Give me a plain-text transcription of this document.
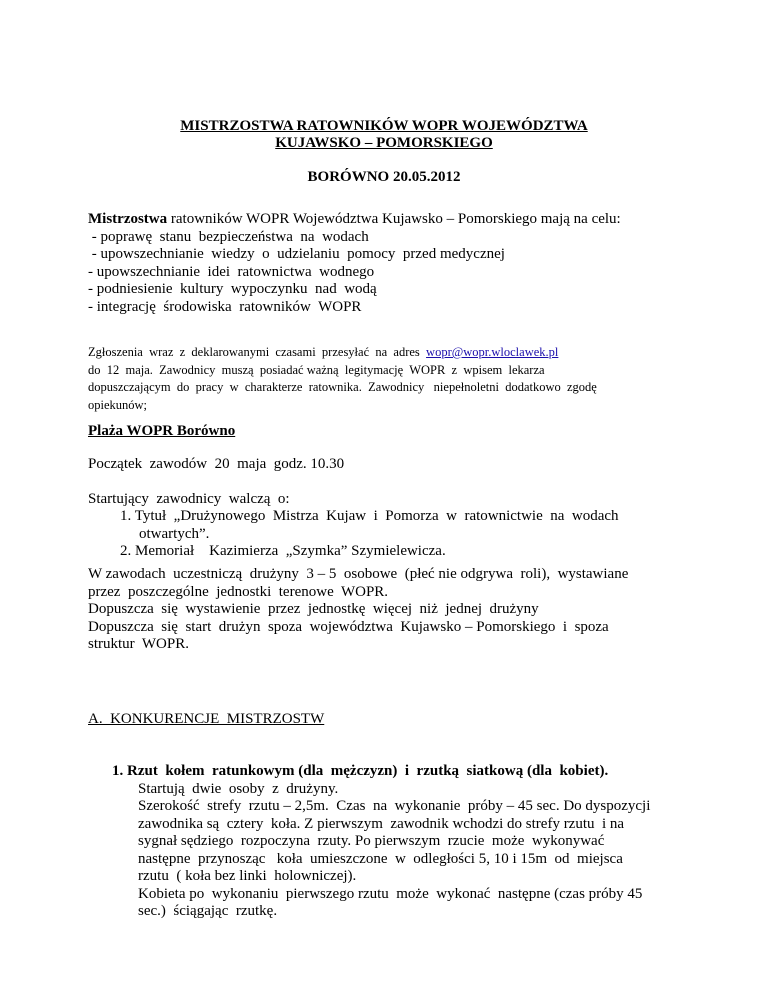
MISTRZOSTWA RATOWNIKÓW WOPR WOJEWÓDZTWA
KUJAWSKO – POMORSKIEGO
BORÓWNO 20.05.2012
Mistrzostwa ratowników WOPR Województwa Kujawsko – Pomorskiego mają na celu:
- poprawę  stanu  bezpieczeństwa  na  wodach
- upowszechnianie  wiedzy  o  udzielaniu  pomocy  przed medycznej
- upowszechnianie  idei  ratownictwa  wodnego
- podniesienie  kultury  wypoczynku  nad  wodą
- integrację  środowiska  ratowników  WOPR
Zgłoszenia  wraz  z  deklarowanymi  czasami  przesyłać  na  adres  wopr@wopr.wloclawek.pl
do  12  maja.  Zawodnicy  muszą  posiadać ważną  legitymację  WOPR  z  wpisem  lekarza
dopuszczającym  do  pracy  w  charakterze  ratownika.  Zawodnicy   niepełnoletni  dodatkowo  zgodę
opiekunów;
Plaża WOPR Borówno
Początek  zawodów  20  maja  godz. 10.30
Startujący  zawodnicy  walczą  o:
1. Tytuł  „Drużynowego  Mistrza  Kujaw  i  Pomorza  w  ratownictwie  na  wodach
otwartych”.
2. Memoriał    Kazimierza  „Szymka” Szymielewicza.
W zawodach  uczestniczą  drużyny  3 – 5  osobowe  (płeć nie odgrywa  roli),  wystawiane
przez  poszczególne  jednostki  terenowe  WOPR.
Dopuszcza  się  wystawienie  przez  jednostkę  więcej  niż  jednej  drużyny
Dopuszcza  się  start  drużyn  spoza  województwa  Kujawsko – Pomorskiego  i  spoza
struktur  WOPR.
A.  KONKURENCJE  MISTRZOSTW
1. Rzut  kołem  ratunkowym (dla  mężczyzn)  i  rzutką  siatkową (dla  kobiet).
Startują  dwie  osoby  z  drużyny.
Szerokość  strefy  rzutu – 2,5m.  Czas  na  wykonanie  próby – 45 sec. Do dyspozycji
zawodnika są  cztery  koła. Z pierwszym  zawodnik wchodzi do strefy rzutu  i na
sygnał sędziego  rozpoczyna  rzuty. Po pierwszym  rzucie  może  wykonywać
następne  przynosząc   koła  umieszczone  w  odległości 5, 10 i 15m  od  miejsca
rzutu  ( koła bez linki  holowniczej).
Kobieta po  wykonaniu  pierwszego rzutu  może  wykonać  następne (czas próby 45
sec.)  ściągając  rzutkę.
